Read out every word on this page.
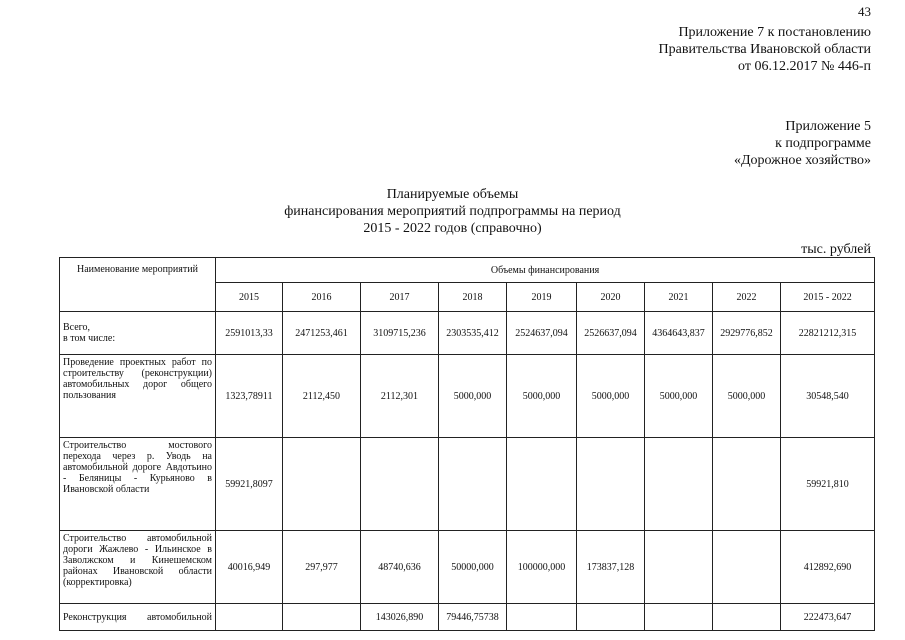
43
Приложение 7 к постановлению
Правительства Ивановской области
от 06.12.2017 № 446-п
Приложение 5
к подпрограмме
«Дорожное хозяйство»
Планируемые объемы
финансирования мероприятий подпрограммы на период
2015 - 2022 годов (справочно)
тыс. рублей
Наименование мероприятий	Объемы финансирования								
	2015	2016	2017	2018	2019	2020	2021	2022	2015 - 2022
Всего,
в том числе:	2591013,33	2471253,461	3109715,236	2303535,412	2524637,094	2526637,094	4364643,837	2929776,852	22821212,315
Проведение проектных работ по строительству (реконструкции) автомобильных дорог общего пользования	1323,78911	2112,450	2112,301	5000,000	5000,000	5000,000	5000,000	5000,000	30548,540
Строительство мостового перехода через р. Уводь на автомобильной дороге Авдотьино - Беляницы - Курьяново в Ивановской области	59921,8097								59921,810
Строительство автомобильной дороги Жажлево - Ильинское в Заволжском и Кинешемском районах Ивановской области (корректировка)	40016,949	297,977	48740,636	50000,000	100000,000	173837,128			412892,690
Реконструкция автомобильной			143026,890	79446,75738					222473,647
